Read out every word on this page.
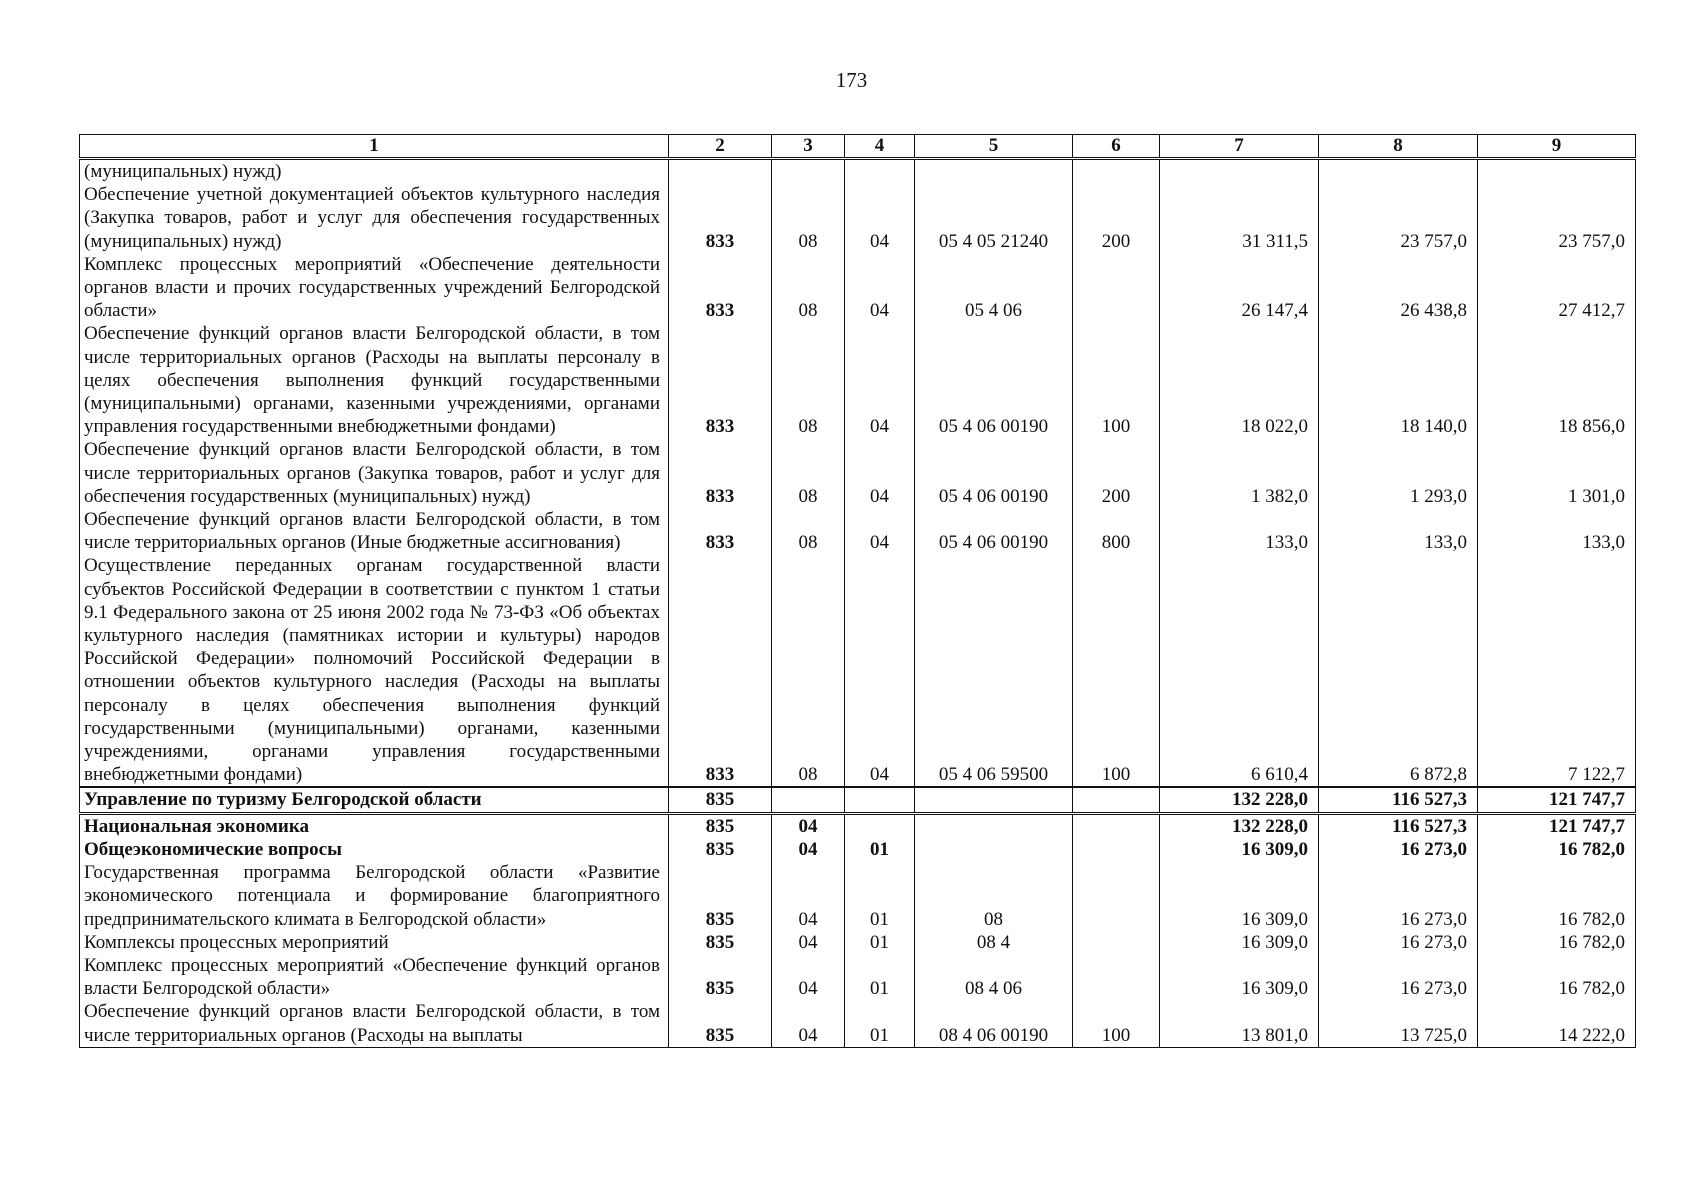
173
1	2	3	4	5	6	7	8	9
(муниципальных) нужд)								
Обеспечение учетной документацией объектов культурного наследия (Закупка товаров, работ и услуг для обеспечения государственных (муниципальных) нужд)	833	08	04	05 4 05 21240	200	31 311,5	23 757,0	23 757,0
Комплекс процессных мероприятий «Обеспечение деятельности органов власти и прочих государственных учреждений Белгородской области»	833	08	04	05 4 06		26 147,4	26 438,8	27 412,7
Обеспечение функций органов власти Белгородской области, в том числе территориальных органов (Расходы на выплаты персоналу в целях обеспечения выполнения функций государственными (муниципальными) органами, казенными учреждениями, органами управления государственными внебюджетными фондами)	833	08	04	05 4 06 00190	100	18 022,0	18 140,0	18 856,0
Обеспечение функций органов власти Белгородской области, в том числе территориальных органов (Закупка товаров, работ и услуг для обеспечения государственных (муниципальных) нужд)	833	08	04	05 4 06 00190	200	1 382,0	1 293,0	1 301,0
Обеспечение функций органов власти Белгородской области, в том числе территориальных органов (Иные бюджетные ассигнования)	833	08	04	05 4 06 00190	800	133,0	133,0	133,0
Осуществление переданных органам государственной власти субъектов Российской Федерации в соответствии с пунктом 1 статьи 9.1 Федерального закона от 25 июня 2002 года № 73-ФЗ «Об объектах культурного наследия (памятниках истории и культуры) народов Российской Федерации» полномочий Российской Федерации в отношении объектов культурного наследия (Расходы на выплаты персоналу в целях обеспечения выполнения функций государственными (муниципальными) органами, казенными учреждениями, органами управления государственными внебюджетными фондами)	833	08	04	05 4 06 59500	100	6 610,4	6 872,8	7 122,7
Управление по туризму Белгородской области	835					132 228,0	116 527,3	121 747,7
Национальная экономика	835	04				132 228,0	116 527,3	121 747,7
Общеэкономические вопросы	835	04	01			16 309,0	16 273,0	16 782,0
Государственная программа Белгородской области «Развитие экономического потенциала и формирование благоприятного предпринимательского климата в Белгородской области»	835	04	01	08		16 309,0	16 273,0	16 782,0
Комплексы процессных мероприятий	835	04	01	08 4		16 309,0	16 273,0	16 782,0
Комплекс процессных мероприятий «Обеспечение функций органов власти Белгородской области»	835	04	01	08 4 06		16 309,0	16 273,0	16 782,0
Обеспечение функций органов власти Белгородской области, в том числе территориальных органов (Расходы на выплаты	835	04	01	08 4 06 00190	100	13 801,0	13 725,0	14 222,0
